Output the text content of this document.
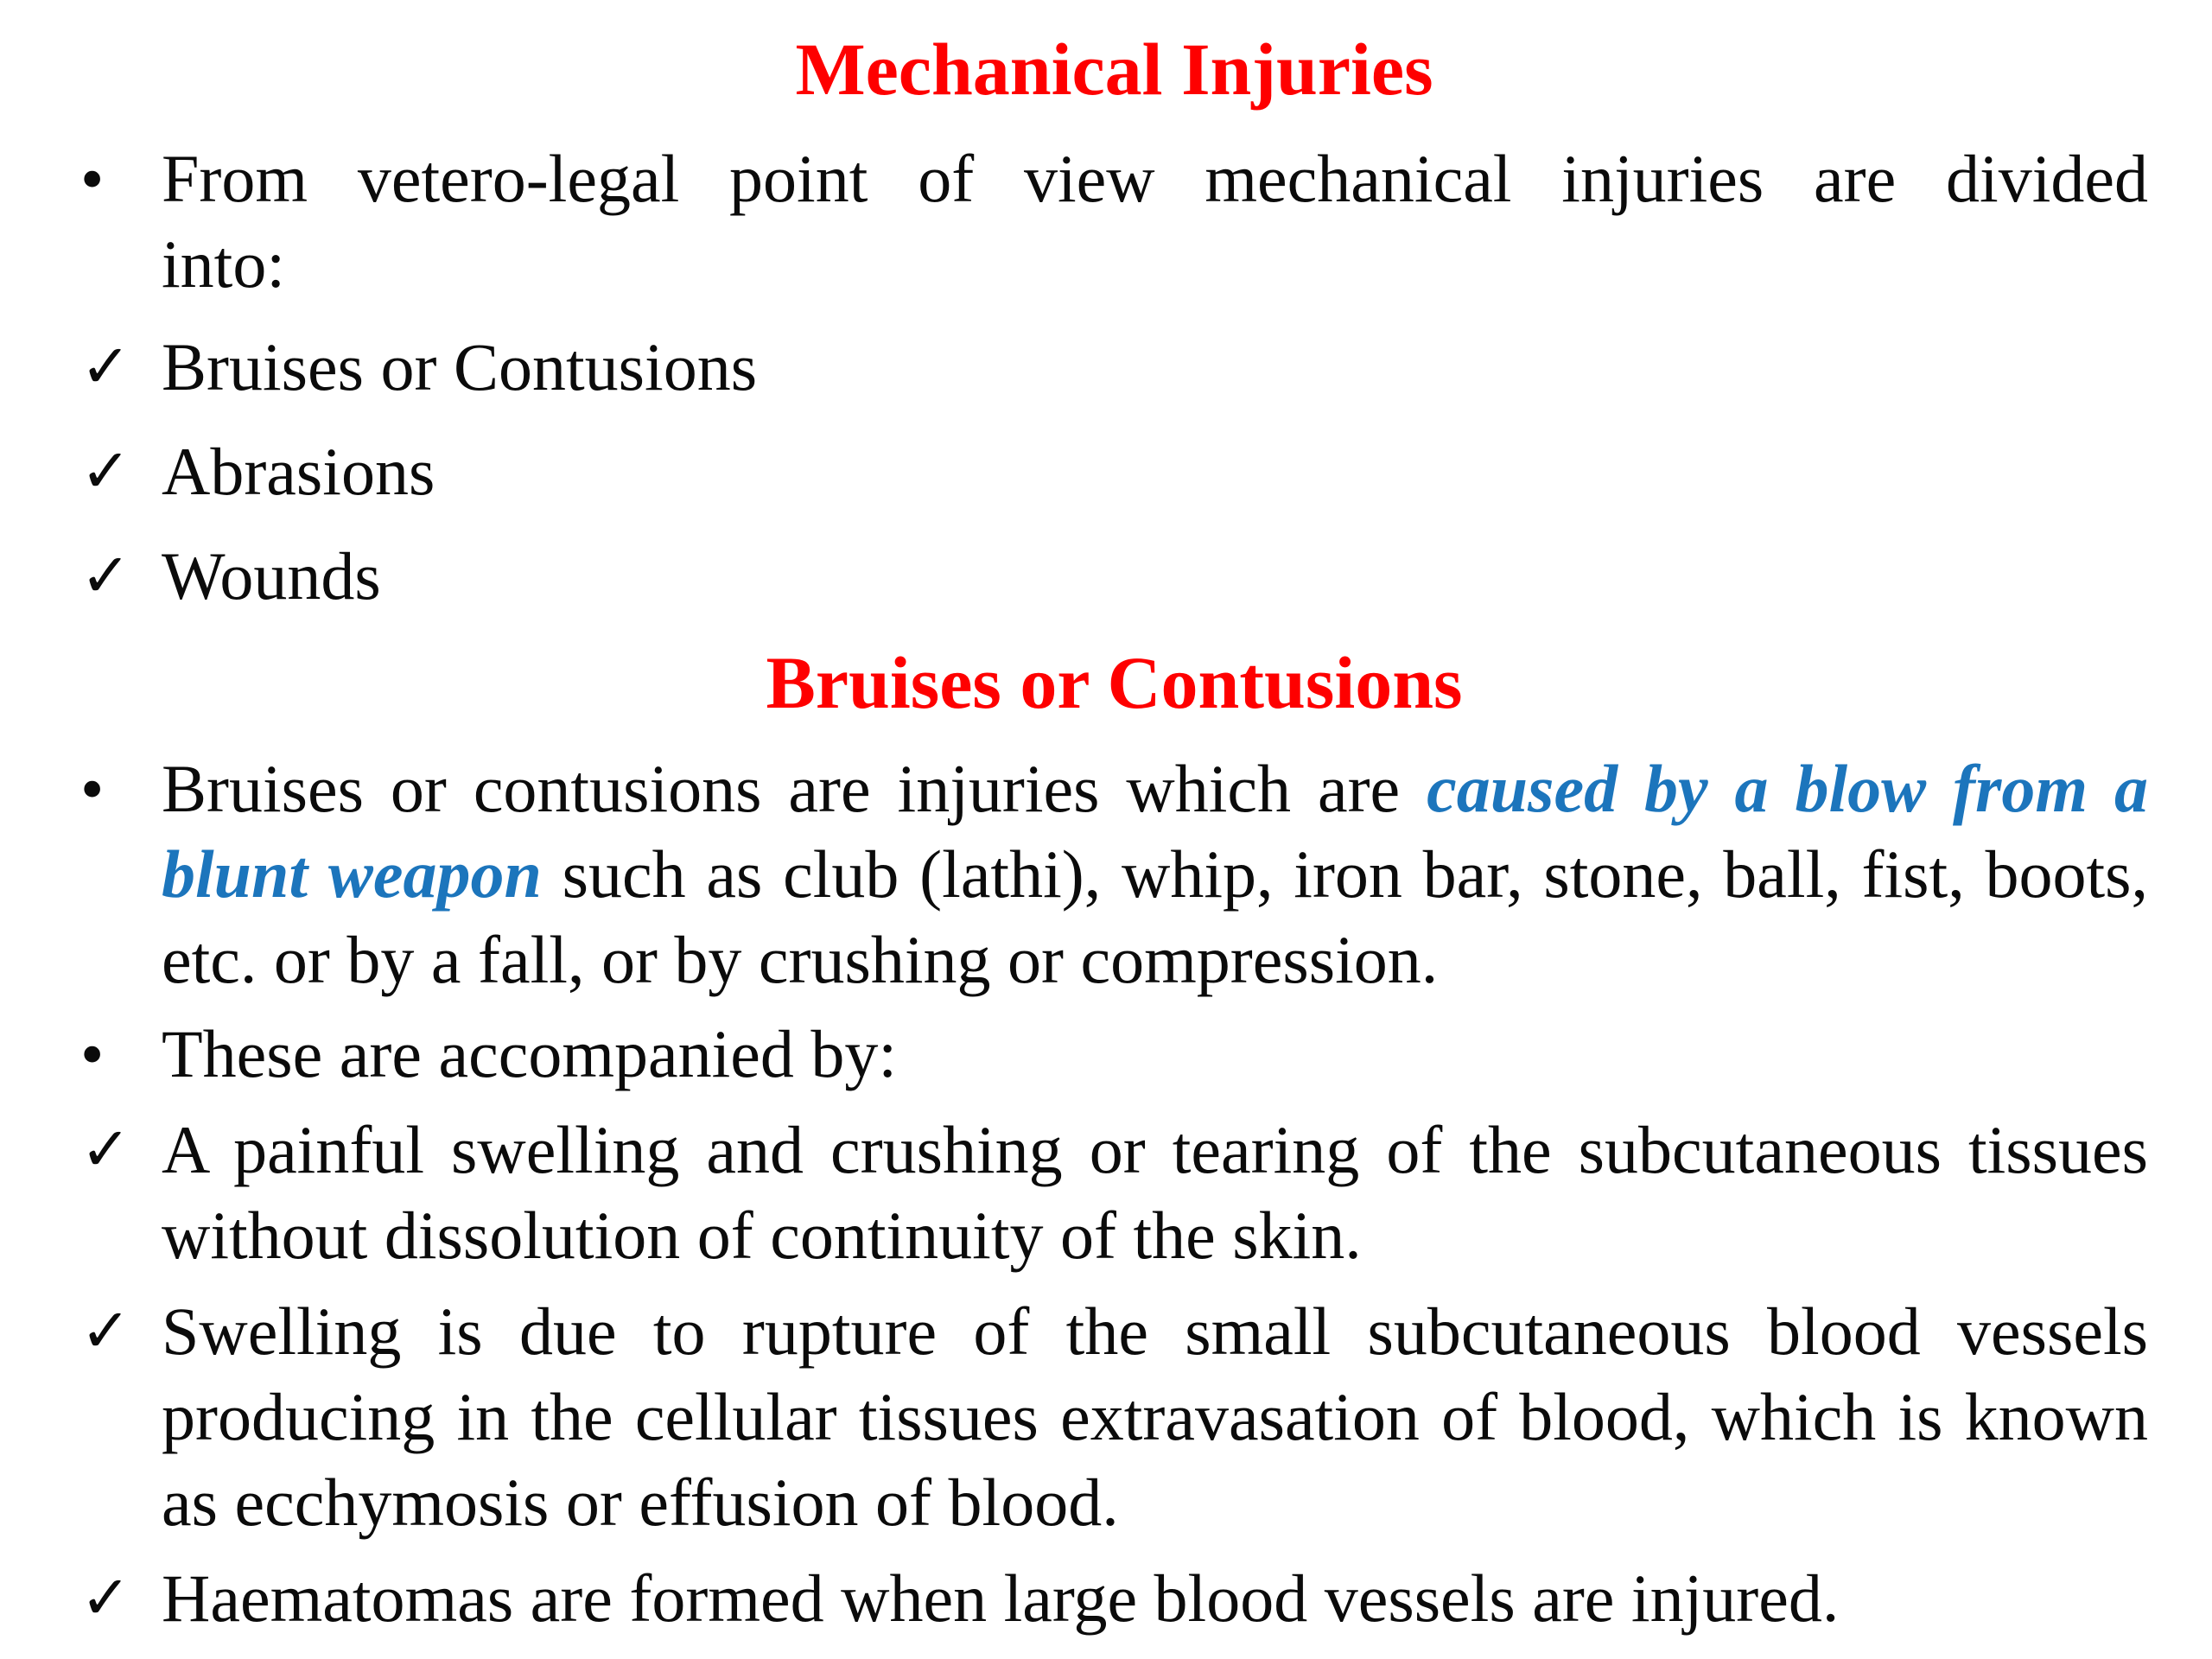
Mechanical Injuries
• From vetero-legal point of view mechanical injuries are divided
into:
✓ Bruises or Contusions
✓ Abrasions
✓ Wounds
Bruises or Contusions
• Bruises or contusions are injuries which are caused by a blow from a
blunt weapon such as club (lathi), whip, iron bar, stone, ball, fist, boots,
etc. or by a fall, or by crushing or compression.
• These are accompanied by:
✓ A painful swelling and crushing or tearing of the subcutaneous tissues
without dissolution of continuity of the skin.
✓ Swelling is due to rupture of the small subcutaneous blood vessels
producing in the cellular tissues extravasation of blood, which is known
as ecchymosis or effusion of blood.
✓ Haematomas are formed when large blood vessels are injured.
